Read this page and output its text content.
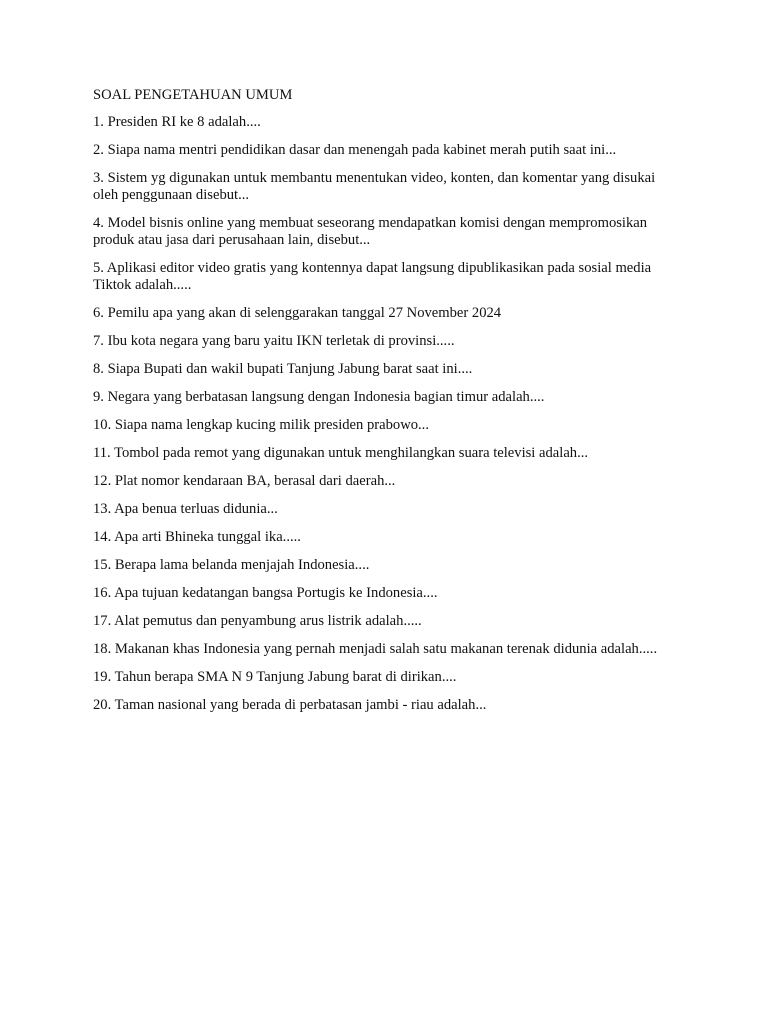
SOAL PENGETAHUAN UMUM

1. Presiden RI ke 8 adalah....
2. Siapa nama mentri pendidikan dasar dan menengah pada kabinet merah putih saat ini...
3. Sistem yg digunakan untuk membantu menentukan video, konten, dan komentar yang disukai oleh penggunaan disebut...
4. Model bisnis online yang membuat seseorang mendapatkan komisi dengan mempromosikan produk atau jasa dari perusahaan lain, disebut...
5. Aplikasi editor video gratis yang kontennya dapat langsung dipublikasikan pada sosial media Tiktok adalah.....
6. Pemilu apa yang akan di selenggarakan tanggal 27 November 2024
7. Ibu kota negara yang baru yaitu IKN terletak di provinsi.....
8. Siapa Bupati dan wakil bupati Tanjung Jabung barat saat ini....
9. Negara yang berbatasan langsung dengan Indonesia bagian timur adalah....
10. Siapa nama lengkap kucing milik presiden prabowo...
11. Tombol pada remot yang digunakan untuk menghilangkan suara televisi adalah...
12. Plat nomor kendaraan BA, berasal dari daerah...
13. Apa benua terluas didunia...
14. Apa arti Bhineka tunggal ika.....
15. Berapa lama belanda menjajah Indonesia....
16. Apa tujuan kedatangan bangsa Portugis ke Indonesia....
17. Alat pemutus dan penyambung arus listrik adalah.....
18. Makanan khas Indonesia yang pernah menjadi salah satu makanan terenak didunia adalah.....
19. Tahun berapa SMA N 9 Tanjung Jabung barat di dirikan....
20. Taman nasional yang berada di perbatasan jambi - riau adalah...
